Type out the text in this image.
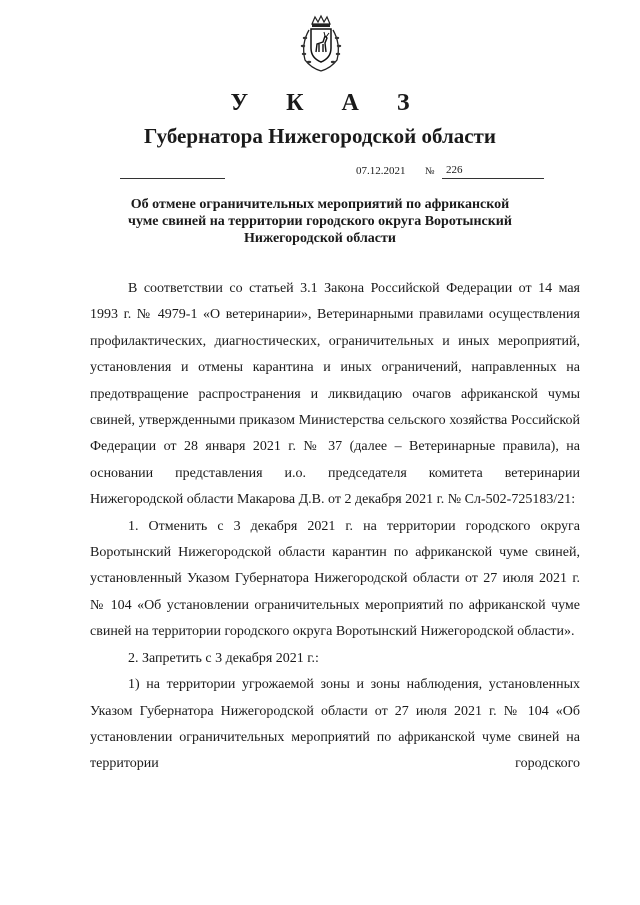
У К А З
Губернатора Нижегородской области
07.12.2021 №	226
Об отмене ограничительных мероприятий по африканской
чуме свиней на территории городского округа Воротынский
Нижегородской области

В соответствии со статьей 3.1 Закона Российской Федерации от 14 мая 1993 г. № 4979-1 «О ветеринарии», Ветеринарными правилами осуществления профилактических, диагностических, ограничительных и иных мероприятий, установления и отмены карантина и иных ограничений, направленных на предотвращение распространения и ликвидацию очагов африканской чумы свиней, утвержденными приказом Министерства сельского хозяйства Российской Федерации от 28 января 2021 г. № 37 (далее – Ветеринарные правила), на основании представления и.о. председателя комитета ветеринарии Нижегородской области Макарова Д.В. от 2 декабря 2021 г. № Сл-502-725183/21:

1. Отменить с 3 декабря 2021 г. на территории городского округа Воротынский Нижегородской области карантин по африканской чуме свиней, установленный Указом Губернатора Нижегородской области от 27 июля 2021 г. № 104 «Об установлении ограничительных мероприятий по африканской чуме свиней на территории городского округа Воротынский Нижегородской области».

2. Запретить с 3 декабря 2021 г.:

1) на территории угрожаемой зоны и зоны наблюдения, установленных Указом Губернатора Нижегородской области от 27 июля 2021 г. № 104 «Об установлении ограничительных мероприятий по африканской чуме свиней на территории городского
